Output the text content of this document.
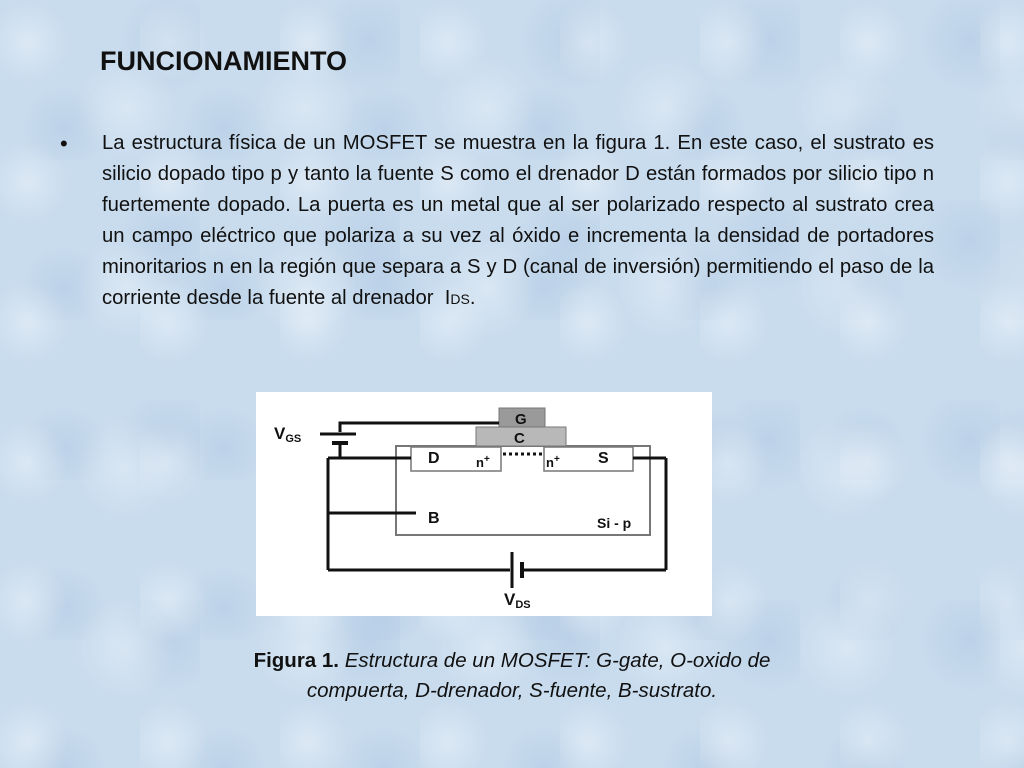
FUNCIONAMIENTO
• La estructura física de un MOSFET se muestra en la figura 1. En este caso, el sustrato es silicio dopado tipo p y tanto la fuente S como el drenador D están formados por silicio tipo n fuertemente dopado. La puerta es un metal que al ser polarizado respecto al sustrato crea un campo eléctrico que polariza a su vez al óxido e incrementa la densidad de portadores minoritarios n en la región que separa a S y D (canal de inversión) permitiendo el paso de la corriente desde la fuente al drenador IDS.

VGS
G
C
D	n+	n+ S
B	Si - p
VDS

Figura 1. Estructura de un MOSFET: G-gate, O-oxido de compuerta, D-drenador, S-fuente, B-sustrato.
